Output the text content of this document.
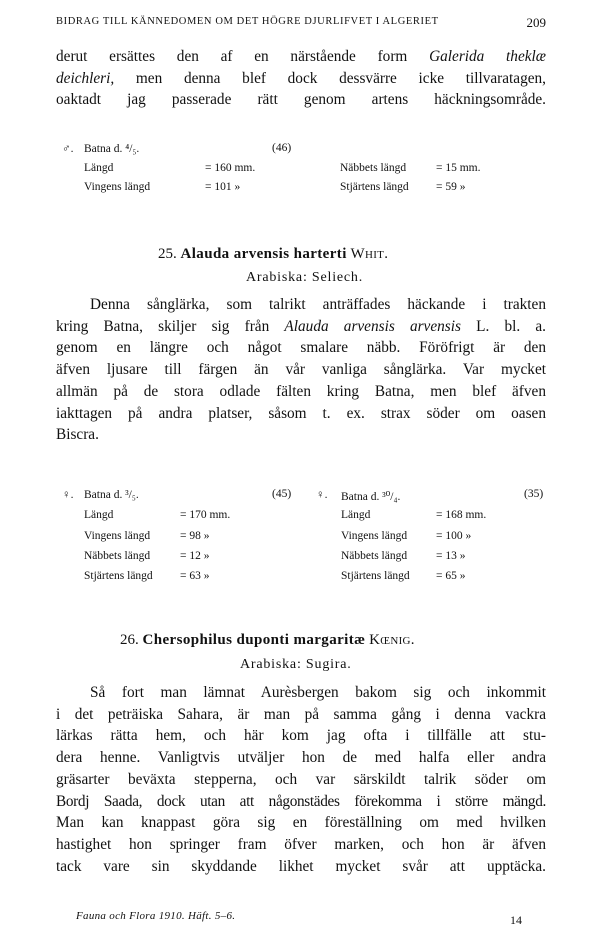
BIDRAG TILL KÄNNEDOMEN OM DET HÖGRE DJURLIFVET I ALGERIET	209
derut ersättes den af en närstående form Galerida theklæ
deichleri, men denna blef dock dessvärre icke tillvaratagen,
oaktadt jag passerade rätt genom artens häckningsområde.
♂. Batna d. ⁴/₅.	(46)
Längd	= 160 mm.	Näbbets längd	= 15 mm.
Vingens längd	= 101 »	Stjärtens längd = 59 »
25. Alauda arvensis harterti Whit.
Arabiska: Seliech.
Denna sånglärka, som talrikt anträffades häckande i trakten
kring Batna, skiljer sig från Alauda arvensis arvensis L. bl. a.
genom en längre och något smalare näbb. Föröfrigt är den
äfven ljusare till färgen än vår vanliga sånglärka. Var mycket
allmän på de stora odlade fälten kring Batna, men blef äfven
iakttagen på andra platser, såsom t. ex. strax söder om oasen
Biscra.
♀. Batna d. ³/₅.	(45)
Längd	= 170 mm.
Vingens längd	= 98 »
Näbbets längd	= 12 »
Stjärtens längd = 63 »
♀. Batna d. ³⁰/₄.	(35)
Längd	= 168 mm.
Vingens längd	= 100 »
Näbbets längd	= 13 »
Stjärtens längd = 65 »
26. Chersophilus duponti margaritæ Kœnig.
Arabiska: Sugira.
Så fort man lämnat Aurèsbergen bakom sig och inkommit
i det peträiska Sahara, är man på samma gång i denna vackra
lärkas rätta hem, och här kom jag ofta i tillfälle att stu-
dera henne. Vanligtvis utväljer hon de med halfa eller andra
gräsarter beväxta stepperna, och var särskildt talrik söder om
Bordj Saada, dock utan att någonstädes förekomma i större mängd.
Man kan knappast göra sig en föreställning om med hvilken
hastighet hon springer fram öfver marken, och hon är äfven
tack vare sin skyddande likhet mycket svår att upptäcka.
Fauna och Flora 1910. Häft. 5–6.	14
